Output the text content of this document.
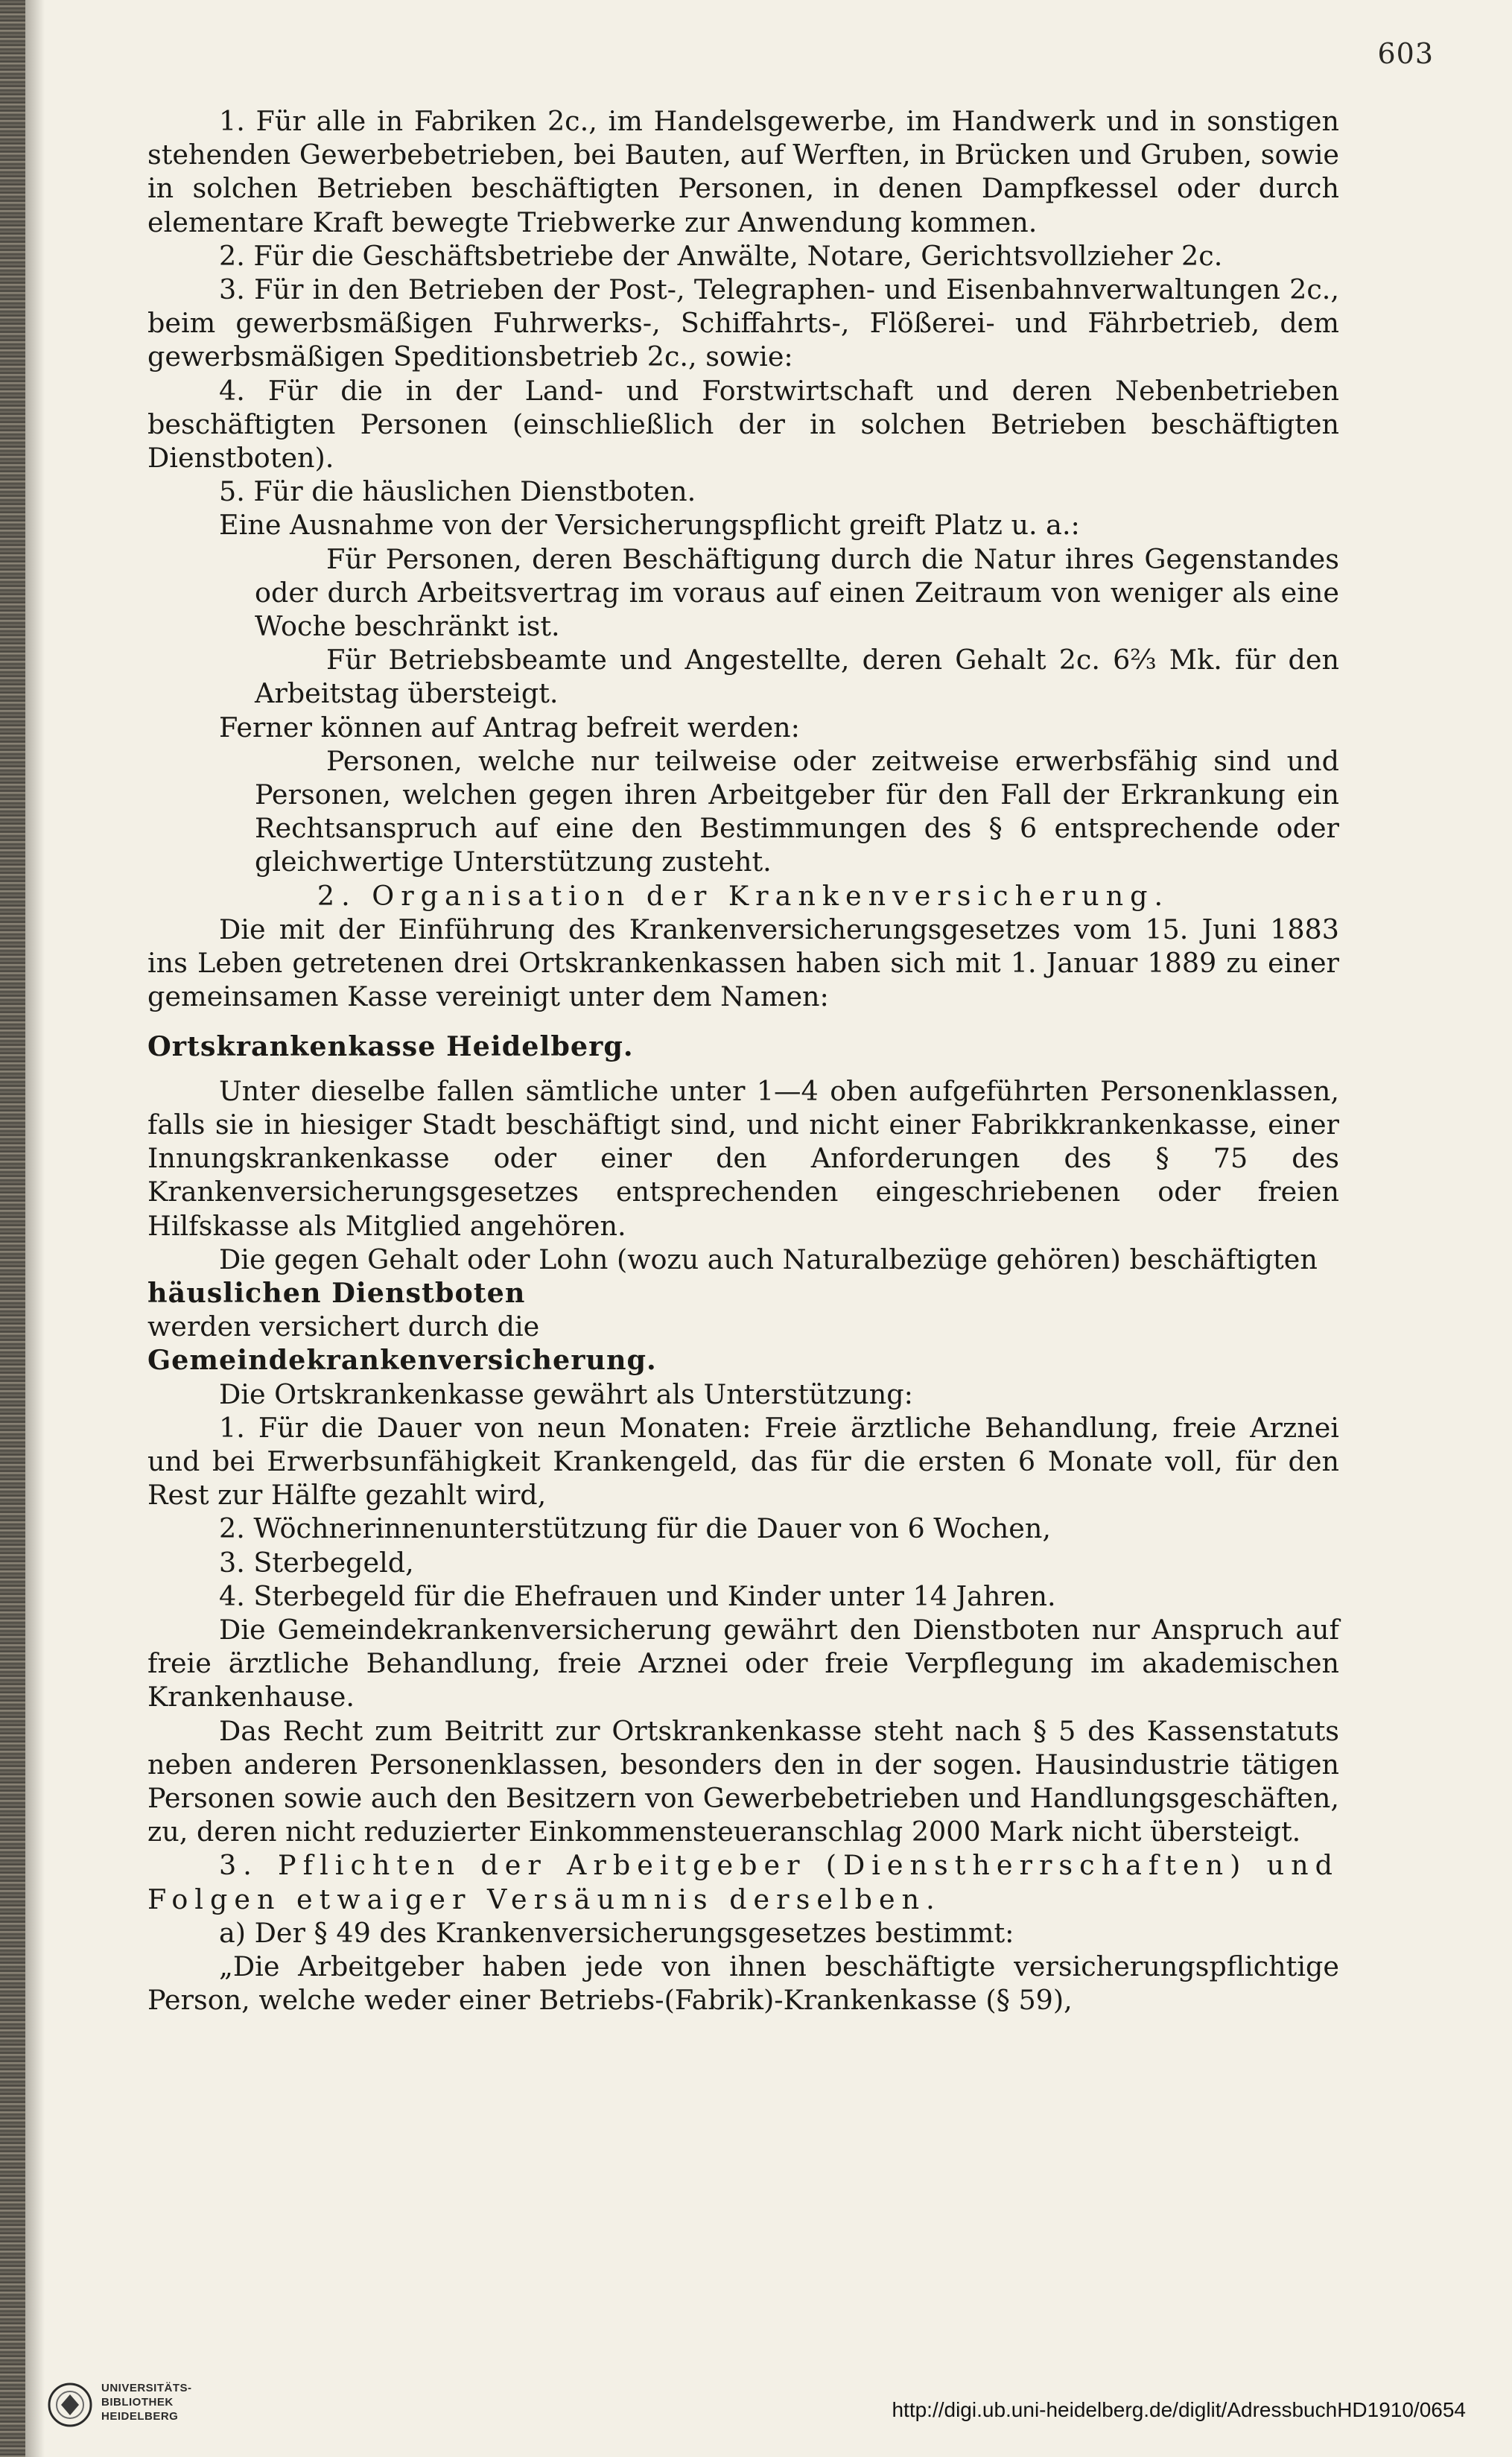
603

1. Für alle in Fabriken 2c., im Handelsgewerbe, im Handwerk und in sonstigen stehenden Gewerbebetrieben, bei Bauten, auf Werften, in Brücken und Gruben, sowie in solchen Betrieben beschäftigten Personen, in denen Dampfkessel oder durch elementare Kraft bewegte Triebwerke zur Anwendung kommen.

2. Für die Geschäftsbetriebe der Anwälte, Notare, Gerichtsvollzieher 2c.

3. Für in den Betrieben der Post-, Telegraphen- und Eisenbahnverwaltungen 2c., beim gewerbsmäßigen Fuhrwerks-, Schiffahrts-, Flößerei- und Fährbetrieb, dem gewerbsmäßigen Speditionsbetrieb 2c., sowie:

4. Für die in der Land- und Forstwirtschaft und deren Nebenbetrieben beschäftigten Personen (einschließlich der in solchen Betrieben beschäftigten Dienstboten).

5. Für die häuslichen Dienstboten.

Eine Ausnahme von der Versicherungspflicht greift Platz u. a.:

Für Personen, deren Beschäftigung durch die Natur ihres Gegenstandes oder durch Arbeitsvertrag im voraus auf einen Zeitraum von weniger als eine Woche beschränkt ist.

Für Betriebsbeamte und Angestellte, deren Gehalt 2c. 6⅔ Mk. für den Arbeitstag übersteigt.

Ferner können auf Antrag befreit werden:

Personen, welche nur teilweise oder zeitweise erwerbsfähig sind und Personen, welchen gegen ihren Arbeitgeber für den Fall der Erkrankung ein Rechtsanspruch auf eine den Bestimmungen des § 6 entsprechende oder gleichwertige Unterstützung zusteht.

2. Organisation der Krankenversicherung.

Die mit der Einführung des Krankenversicherungsgesetzes vom 15. Juni 1883 ins Leben getretenen drei Ortskrankenkassen haben sich mit 1. Januar 1889 zu einer gemeinsamen Kasse vereinigt unter dem Namen:

Ortskrankenkasse Heidelberg.

Unter dieselbe fallen sämtliche unter 1—4 oben aufgeführten Personenklassen, falls sie in hiesiger Stadt beschäftigt sind, und nicht einer Fabrikkrankenkasse, einer Innungskrankenkasse oder einer den Anforderungen des § 75 des Krankenversicherungsgesetzes entsprechenden eingeschriebenen oder freien Hilfskasse als Mitglied angehören.

Die gegen Gehalt oder Lohn (wozu auch Naturalbezüge gehören) beschäftigten

häuslichen Dienstboten

werden versichert durch die

Gemeindekrankenversicherung.

Die Ortskrankenkasse gewährt als Unterstützung:

1. Für die Dauer von neun Monaten: Freie ärztliche Behandlung, freie Arznei und bei Erwerbsunfähigkeit Krankengeld, das für die ersten 6 Monate voll, für den Rest zur Hälfte gezahlt wird,

2. Wöchnerinnenunterstützung für die Dauer von 6 Wochen,

3. Sterbegeld,

4. Sterbegeld für die Ehefrauen und Kinder unter 14 Jahren.

Die Gemeindekrankenversicherung gewährt den Dienstboten nur Anspruch auf freie ärztliche Behandlung, freie Arznei oder freie Verpflegung im akademischen Krankenhause.

Das Recht zum Beitritt zur Ortskrankenkasse steht nach § 5 des Kassenstatuts neben anderen Personenklassen, besonders den in der sogen. Hausindustrie tätigen Personen sowie auch den Besitzern von Gewerbebetrieben und Handlungsgeschäften, zu, deren nicht reduzierter Einkommensteueranschlag 2000 Mark nicht übersteigt.

3. Pflichten der Arbeitgeber (Dienstherrschaften) und Folgen etwaiger Versäumnis derselben.

a) Der § 49 des Krankenversicherungsgesetzes bestimmt:

„Die Arbeitgeber haben jede von ihnen beschäftigte versicherungspflichtige Person, welche weder einer Betriebs-(Fabrik)-Krankenkasse (§ 59),

UNIVERSITÄTS-
BIBLIOTHEK
HEIDELBERG	http://digi.ub.uni-heidelberg.de/diglit/AdressbuchHD1910/0654
